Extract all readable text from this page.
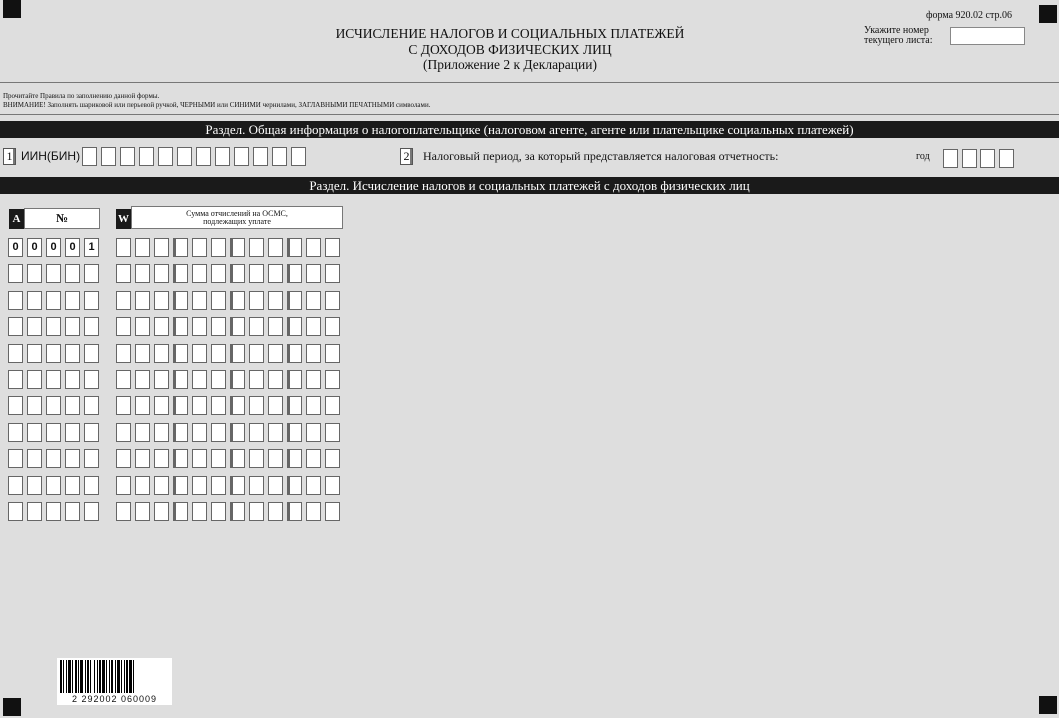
ИСЧИСЛЕНИЕ НАЛОГОВ И СОЦИАЛЬНЫХ ПЛАТЕЖЕЙ
С ДОХОДОВ ФИЗИЧЕСКИХ ЛИЦ
(Приложение 2 к Декларации)
форма 920.02 стр.06
Укажите номер
текущего листа:
Прочитайте Правила по заполнению данной формы.
ВНИМАНИЕ! Заполнять шариковой или перьевой ручкой, ЧЕРНЫМИ или СИНИМИ чернилами, ЗАГЛАВНЫМИ ПЕЧАТНЫМИ символами.
Раздел. Общая информация о налогоплательщике (налоговом агенте, агенте или плательщике социальных платежей)
1 ИИН(БИН)	2 Налоговый период, за который представляется налоговая отчетность:	год
Раздел. Исчисление налогов и социальных платежей с доходов физических лиц
A	№	W	Сумма отчислений на ОСМС,
подлежащих уплате
0	0	0	0	1
2 292002 060009
